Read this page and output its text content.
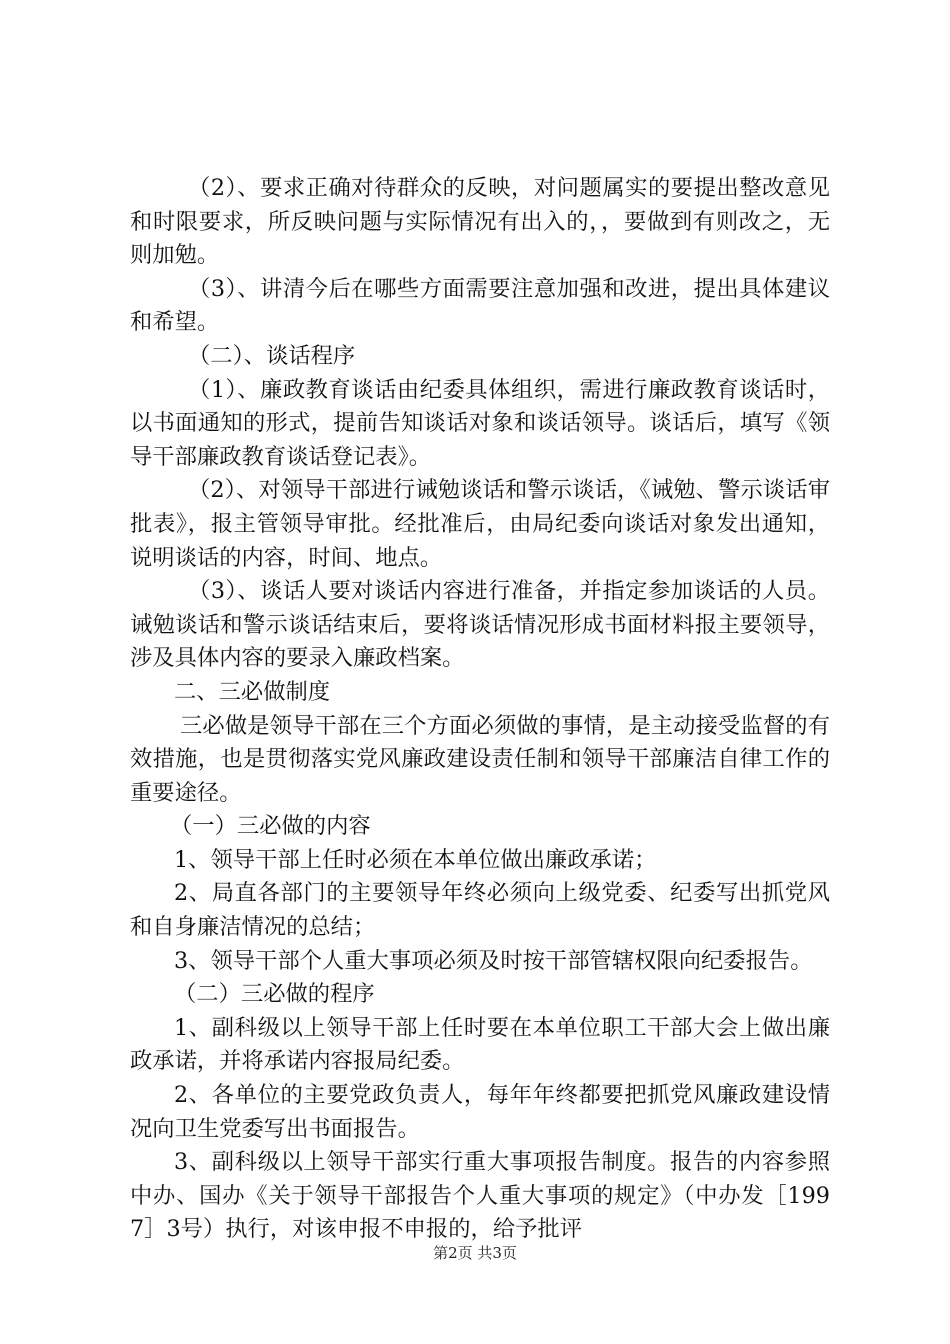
（2）、要求正确对待群众的反映，对问题属实的要提出整改意见和时限要求，所反映问题与实际情况有出入的，，要做到有则改之，无则加勉。

（3）、讲清今后在哪些方面需要注意加强和改进，提出具体建议和希望。

（二）、谈话程序

（1）、廉政教育谈话由纪委具体组织，需进行廉政教育谈话时，以书面通知的形式，提前告知谈话对象和谈话领导。谈话后，填写《领导干部廉政教育谈话登记表》。

（2）、对领导干部进行诫勉谈话和警示谈话，《诫勉、警示谈话审批表》，报主管领导审批。经批准后，由局纪委向谈话对象发出通知，说明谈话的内容，时间、地点。

（3）、谈话人要对谈话内容进行准备，并指定参加谈话的人员。诫勉谈话和警示谈话结束后，要将谈话情况形成书面材料报主要领导，涉及具体内容的要录入廉政档案。

二、三必做制度

三必做是领导干部在三个方面必须做的事情，是主动接受监督的有效措施，也是贯彻落实党风廉政建设责任制和领导干部廉洁自律工作的重要途径。

（一）三必做的内容

1、领导干部上任时必须在本单位做出廉政承诺；

2、局直各部门的主要领导年终必须向上级党委、纪委写出抓党风和自身廉洁情况的总结；

3、领导干部个人重大事项必须及时按干部管辖权限向纪委报告。

（二）三必做的程序

1、副科级以上领导干部上任时要在本单位职工干部大会上做出廉政承诺，并将承诺内容报局纪委。

2、各单位的主要党政负责人，每年年终都要把抓党风廉政建设情况向卫生党委写出书面报告。

3、副科级以上领导干部实行重大事项报告制度。报告的内容参照中办、国办《关于领导干部报告个人重大事项的规定》（中办发［1997］3号）执行，对该申报不申报的，给予批评

第2页 共3页
